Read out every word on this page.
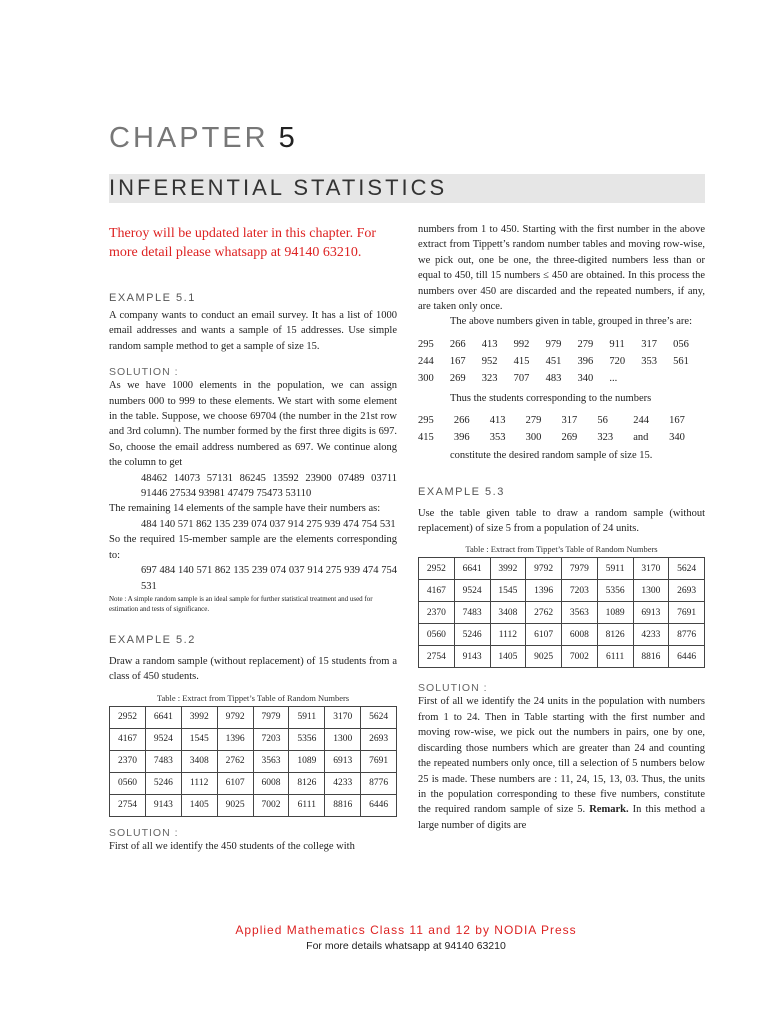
CHAPTER 5
INFERENTIAL STATISTICS

Theroy will be updated later in this chapter. For more detail please whatsapp at 94140 63210.

EXAMPLE 5.1

A company wants to conduct an email survey. It has a list of 1000 email addresses and wants a sample of 15 addresses. Use simple random sample method to get a sample of size 15.

SOLUTION :

As we have 1000 elements in the population, we can assign numbers 000 to 999 to these elements. We start with some element in the table. Suppose, we choose 69704 (the number in the 21st row and 3rd column). The number formed by the first three digits is 697. So, choose the email address numbered as 697. We continue along the column to get

48462 14073 57131 86245 13592 23900 07489 03711 91446 27534 93981 47479 75473 53110

The remaining 14 elements of the sample have their numbers as:

484 140 571 862 135 239 074 037 914 275 939 474 754 531

So the required 15-member sample are the elements corresponding to:

697 484 140 571 862 135 239 074 037 914 275 939 474 754 531

Note : A simple random sample is an ideal sample for further statistical treatment and used for estimation and tests of significance.

EXAMPLE 5.2

Draw a random sample (without replacement) of 15 students from a class of 450 students.

Table : Extract from Tippet’s Table of Random Numbers

2952	6641	3992	9792	7979	5911	3170	5624
4167	9524	1545	1396	7203	5356	1300	2693
2370	7483	3408	2762	3563	1089	6913	7691
0560	5246	1112	6107	6008	8126	4233	8776
2754	9143	1405	9025	7002	6111	8816	6446

SOLUTION :

First of all we identify the 450 students of the college with

numbers from 1 to 450. Starting with the first number in the above extract from Tippett’s random number tables and moving row-wise, we pick out, one be one, the three-digited numbers less than or equal to 450, till 15 numbers ≤ 450 are obtained. In this process the numbers over 450 are discarded and the repeated numbers, if any, are taken only once.

The above numbers given in table, grouped in three’s are:

295	266	413	992	979	279	911	317	056
244	167	952	415	451	396	720	353	561
300	269	323	707	483	340	...

Thus the students corresponding to the numbers

295	266	413	279	317	56	244	167
415	396	353	300	269	323	and	340

constitute the desired random sample of size 15.

EXAMPLE 5.3

Use the table given table to draw a random sample (without replacement) of size 5 from a population of 24 units.

Table : Extract from Tippet’s Table of Random Numbers

2952	6641	3992	9792	7979	5911	3170	5624
4167	9524	1545	1396	7203	5356	1300	2693
2370	7483	3408	2762	3563	1089	6913	7691
0560	5246	1112	6107	6008	8126	4233	8776
2754	9143	1405	9025	7002	6111	8816	6446

SOLUTION :

First of all we identify the 24 units in the population with numbers from 1 to 24. Then in Table starting with the first number and moving row-wise, we pick out the numbers in pairs, one by one, discarding those numbers which are greater than 24 and counting the repeated numbers only once, till a selection of 5 numbers below 25 is made. These numbers are : 11, 24, 15, 13, 03. Thus, the units in the population corresponding to these five numbers, constitute the required random sample of size 5. Remark. In this method a large number of digits are

Applied Mathematics Class 11 and 12 by NODIA Press
For more details whatsapp at 94140 63210
